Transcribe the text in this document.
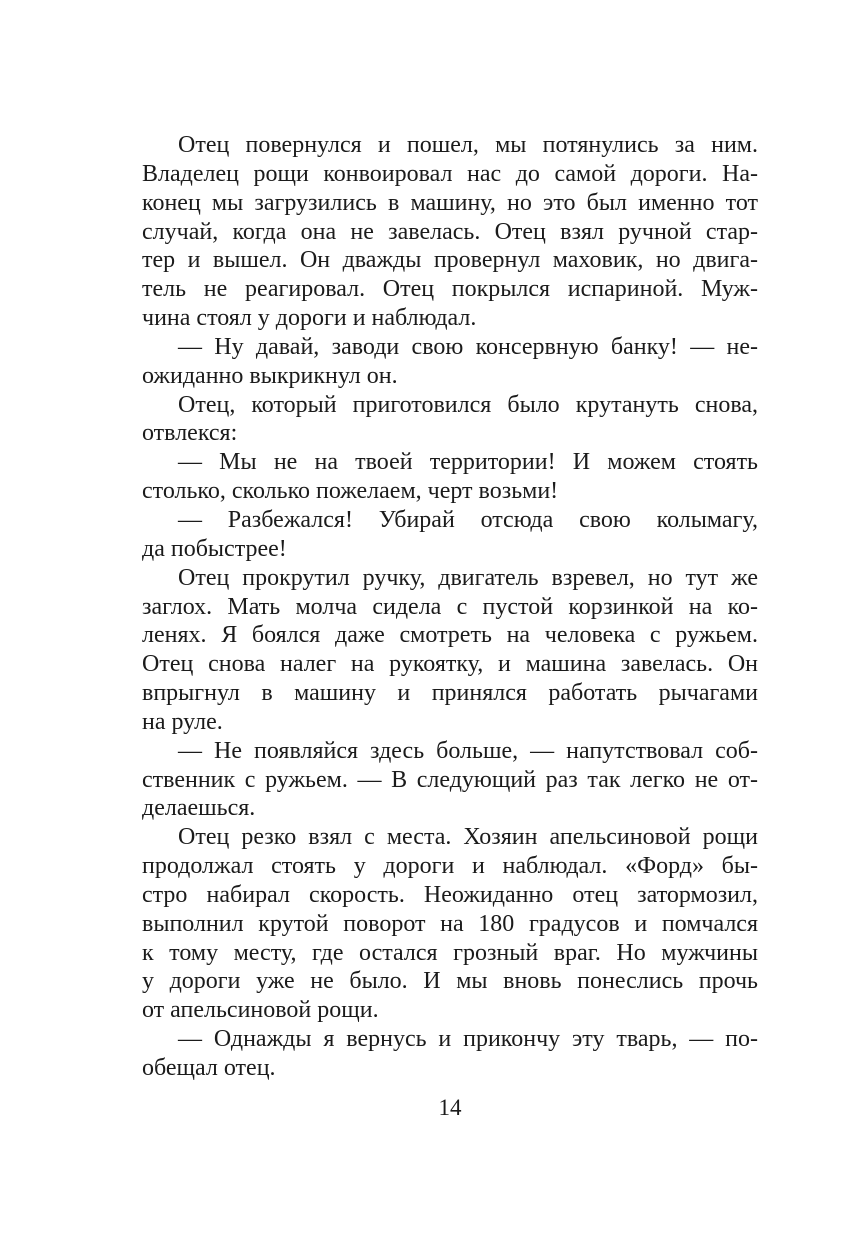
Отец повернулся и пошел, мы потянулись за ним.
Владелец рощи конвоировал нас до самой дороги. На-
конец мы загрузились в машину, но это был именно тот
случай, когда она не завелась. Отец взял ручной стар-
тер и вышел. Он дважды провернул маховик, но двига-
тель не реагировал. Отец покрылся испариной. Муж-
чина стоял у дороги и наблюдал.
— Ну давай, заводи свою консервную банку! — не-
ожиданно выкрикнул он.
Отец, который приготовился было крутануть снова,
отвлекся:
— Мы не на твоей территории! И можем стоять
столько, сколько пожелаем, черт возьми!
— Разбежался! Убирай отсюда свою колымагу,
да побыстрее!
Отец прокрутил ручку, двигатель взревел, но тут же
заглох. Мать молча сидела с пустой корзинкой на ко-
ленях. Я боялся даже смотреть на человека с ружьем.
Отец снова налег на рукоятку, и машина завелась. Он
впрыгнул в машину и принялся работать рычагами
на руле.
— Не появляйся здесь больше, — напутствовал соб-
ственник с ружьем. — В следующий раз так легко не от-
делаешься.
Отец резко взял с места. Хозяин апельсиновой рощи
продолжал стоять у дороги и наблюдал. «Форд» бы-
стро набирал скорость. Неожиданно отец затормозил,
выполнил крутой поворот на 180 градусов и помчался
к тому месту, где остался грозный враг. Но мужчины
у дороги уже не было. И мы вновь понеслись прочь
от апельсиновой рощи.
— Однажды я вернусь и прикончу эту тварь, — по-
обещал отец.
14
